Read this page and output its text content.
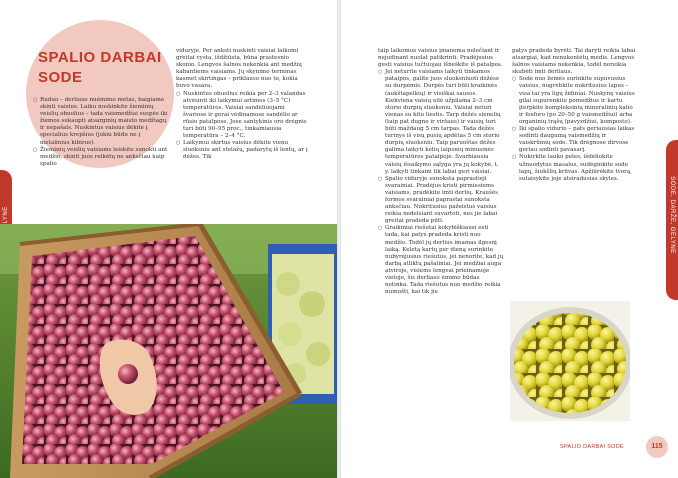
SPALIO DARBAI
SODE
○ Ruduo – derliaus nuėmimo metas, baigiame skinti vaisius. Laiku nuskinkite žieminių veislių obuolius – tada vaismedžiai suspės iki žiemos sukaupti atsarginių maisto medžiagų ir nepašals. Nuskintus vaisius dėkite į specialius krepšius (jokiu būdu ne į metalinius kibirus).
○ Žieminių veislių vaisiams leiskite sunokti ant medžio, skinti juos reikėtų ne anksčiau kaip spalio
viduryje. Per anksti nuskinti vaisiai laikomi greitai vysta, išdžiūsta, būna prastesnio skonio. Lengvos šalnos nekenkia ant medžių kabantiems vaisiams. Jų skynimo terminas kasmet skirtingas – priklauso nuo to, kokia buvo vasara.
○ Nuskintus obuolius reikia per 2–3 valandas atvėsinti iki laikymui artimos (3–5 °C) temperatūros. Vaisiai sandėliuojami švariose ir gerai vėdinamose sandėlio ar rūsio patalpose. Jose santykinis oro drėgnis turi būti 90–95 proc., tinkamiausia temperatūra – 2–4 °C.
○ Laikymui skirtus vaisius dėkite vienu sluoksniu ant stelažų, padarytų iš lentų, ar į dėžes. Tik
SODE, DARŽE, GĖLYNE
taip laikomus vaisius įmanoma nelečiant ir nejudinant nuolat patikrinti. Pradėjusius gesti vaisius tučtuojau išneškite iš patalpos.
○ Jei neturite vaisiams laikyti tinkamos patalpos, galite juos sluoksniuoti dėžėse su durpėmis. Durpės turi būti kraikinės (aukštapelkių) ir visiškai sausos. Kiekviena vaisių eilė užpilama 2–3 cm storio durpių sluoksniu. Vaisiai neturi vienas su kitu liestis. Tarp dėžės sienelių (taip pat dugno ir viršaus) ir vaisių turi būti maždaug 5 cm tarpas. Tada dėžės turinys iš visų pusių apdėtas 5 cm storio durpių sluoksniu. Taip paruoštas dėžes galima laikyti kelių laipsnių minusinės temperatūros patalpoje. Svarbiausia vaisių išsaikymo sąlyga yra jų kokybė, t. y. laikyti tinkami tik labai geri vaisiai.
○ Spalio viduryje sunoksta paprastieji svarainiai. Pradėjus kristi pirmiesiems vaisiams, pradėkite imti derlių. Kraušės formos svarainiai paprastai sunoksta anksčiau. Nukritusius pažeistus vaisius reikia nedelsiant suvartoti, nes jie labai greitai pradeda pūti.
○ Graikiniai riešutai kokybiškiausi esti tada, kai patys pradeda kristi nuo medžio. Todėl jų derlius imamas ilgesnį laiką. Keletą kartų per dieną surinkite nubyrėjusius riešutus, jei nenorite, kad jų darbą atliktų pašaliniai. Jei medžiai auga atvirojе, visiems lengvai prieinamoje vietoje, šis derliaus ėmimo būdas netinka. Tada riešutus nuo medžio reikia numušti, kai tik jie
patys pradeda byrėti. Tai daryti reikia labai atsargiai, kad nenukentėtų medis. Lengvos šalnos vaisiams nekenkia, todėl nereikia skubėti imti derliaus.
○ Sode nuo žemės surinkite supuvusius vaisius, nugrėbkite nukritusius lapus – visa tai yra ligų židiniai. Nuskynę vaisius gilai supurenkite pomedžius ir kartu įterpkite kompleksinių mineralinių kalio ir fosforo (po 20–50 g vaismedžiui) arba organinių trąšų (pavyzdžiui, komposto).
○ Iki spalio vidurio – pats geriausias laikas sodinti daugumą vaismedžių ir vaiskrūmių sode. Tik drėgnose dirvose geriau sodinti pavasarį.
○ Nukirkite lauko peles, išdėliokite užnuodytus masalus, sudėginkite sode lapų, šiukšlių krūvas. Apžiūrėkite tvorą, sutaisykite joje atsiradusias skyles.
SPALIO DARBAI SODE	115
